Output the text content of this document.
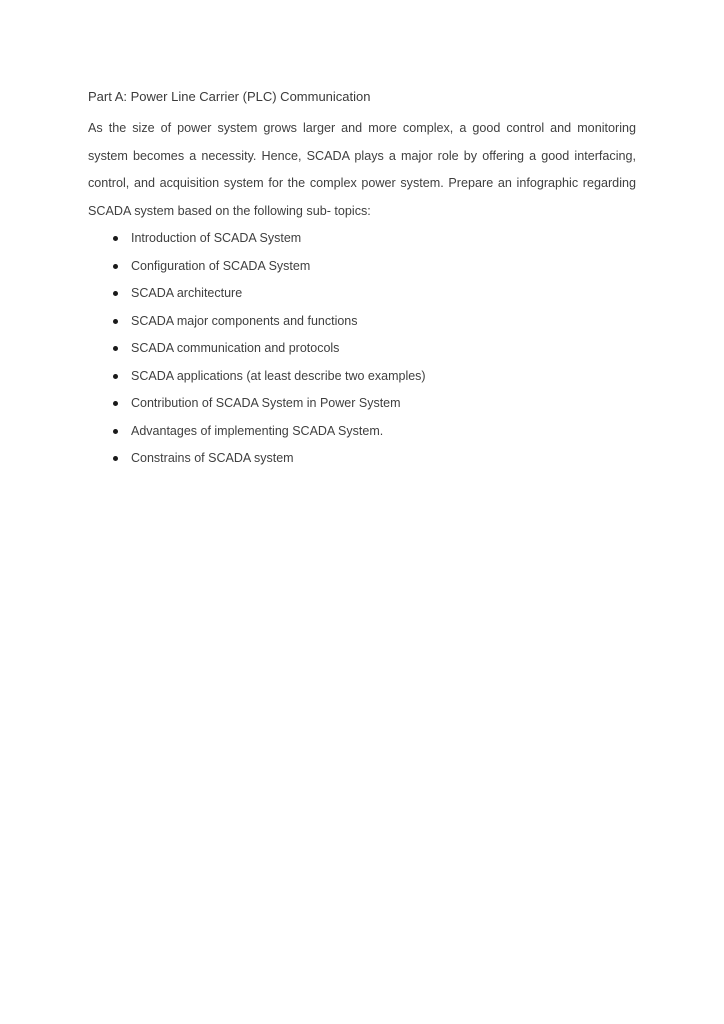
Part A: Power Line Carrier (PLC) Communication

As the size of power system grows larger and more complex, a good control and monitoring system becomes a necessity. Hence, SCADA plays a major role by offering a good interfacing, control, and acquisition system for the complex power system. Prepare an infographic regarding SCADA system based on the following sub- topics:

Introduction of SCADA System
Configuration of SCADA System
SCADA architecture
SCADA major components and functions
SCADA communication and protocols
SCADA applications (at least describe two examples)
Contribution of SCADA System in Power System
Advantages of implementing SCADA System.
Constrains of SCADA system
